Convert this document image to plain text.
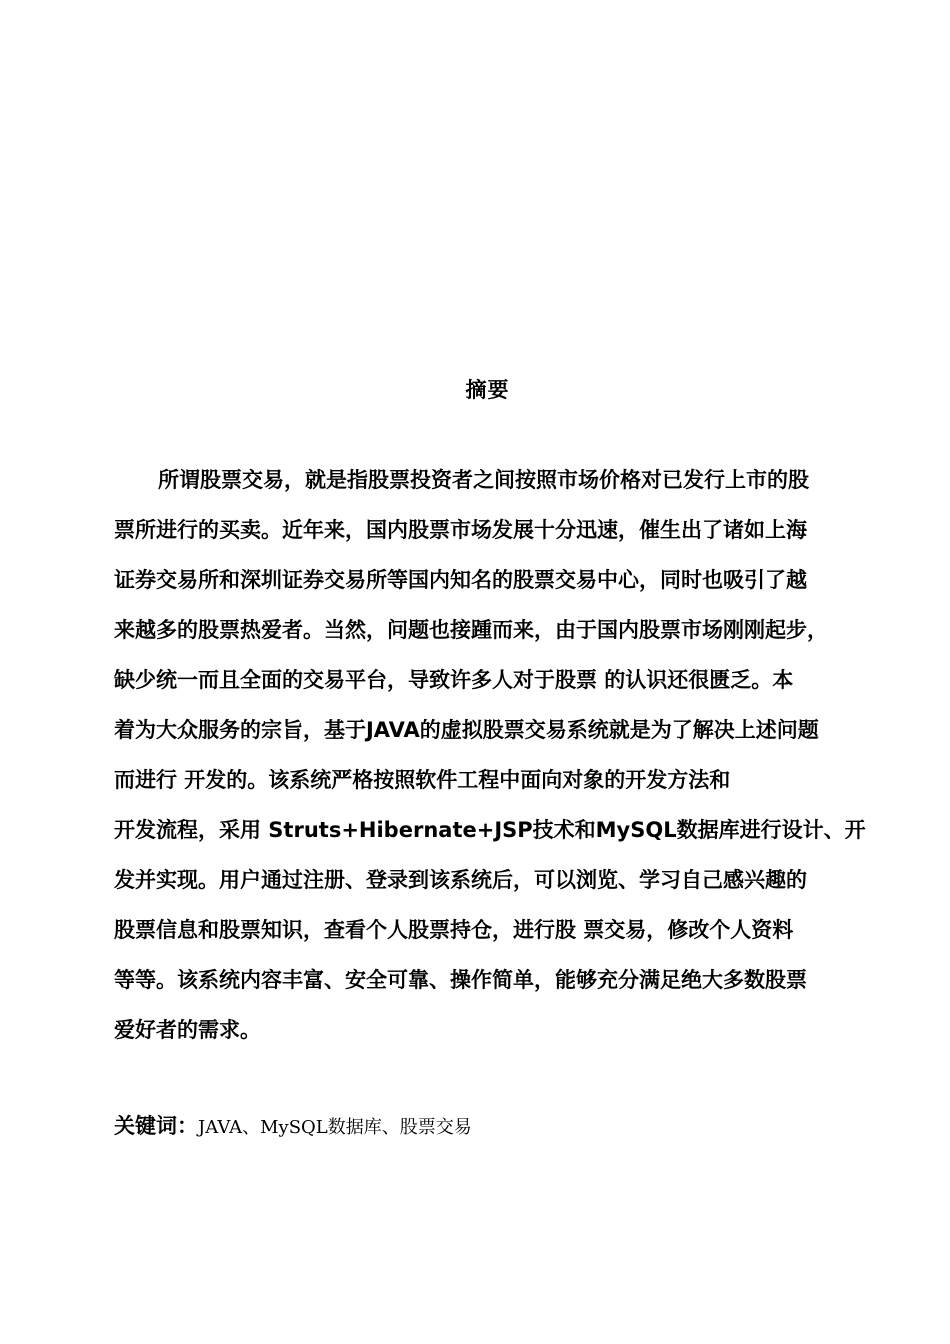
摘要
所谓股票交易，就是指股票投资者之间按照市场价格对已发行上市的股
票所进行的买卖。近年来，国内股票市场发展十分迅速，催生出了诸如上海
证券交易所和深圳证券交易所等国内知名的股票交易中心，同时也吸引了越
来越多的股票热爱者。当然，问题也接踵而来，由于国内股票市场刚刚起步，
缺少统一而且全面的交易平台，导致许多人对于股票 的认识还很匮乏。本
着为大众服务的宗旨，基于JAVA的虚拟股票交易系统就是为了解决上述问题
而进行 开发的。该系统严格按照软件工程中面向对象的开发方法和
开发流程，采用 Struts+Hibernate+JSP技术和MySQL数据库进行设计、开
发并实现。用户通过注册、登录到该系统后，可以浏览、学习自己感兴趣的
股票信息和股票知识，查看个人股票持仓，进行股 票交易，修改个人资料
等等。该系统内容丰富、安全可靠、操作简单，能够充分满足绝大多数股票
爱好者的需求。
关键词：JAVA、MySQL数据库、股票交易
